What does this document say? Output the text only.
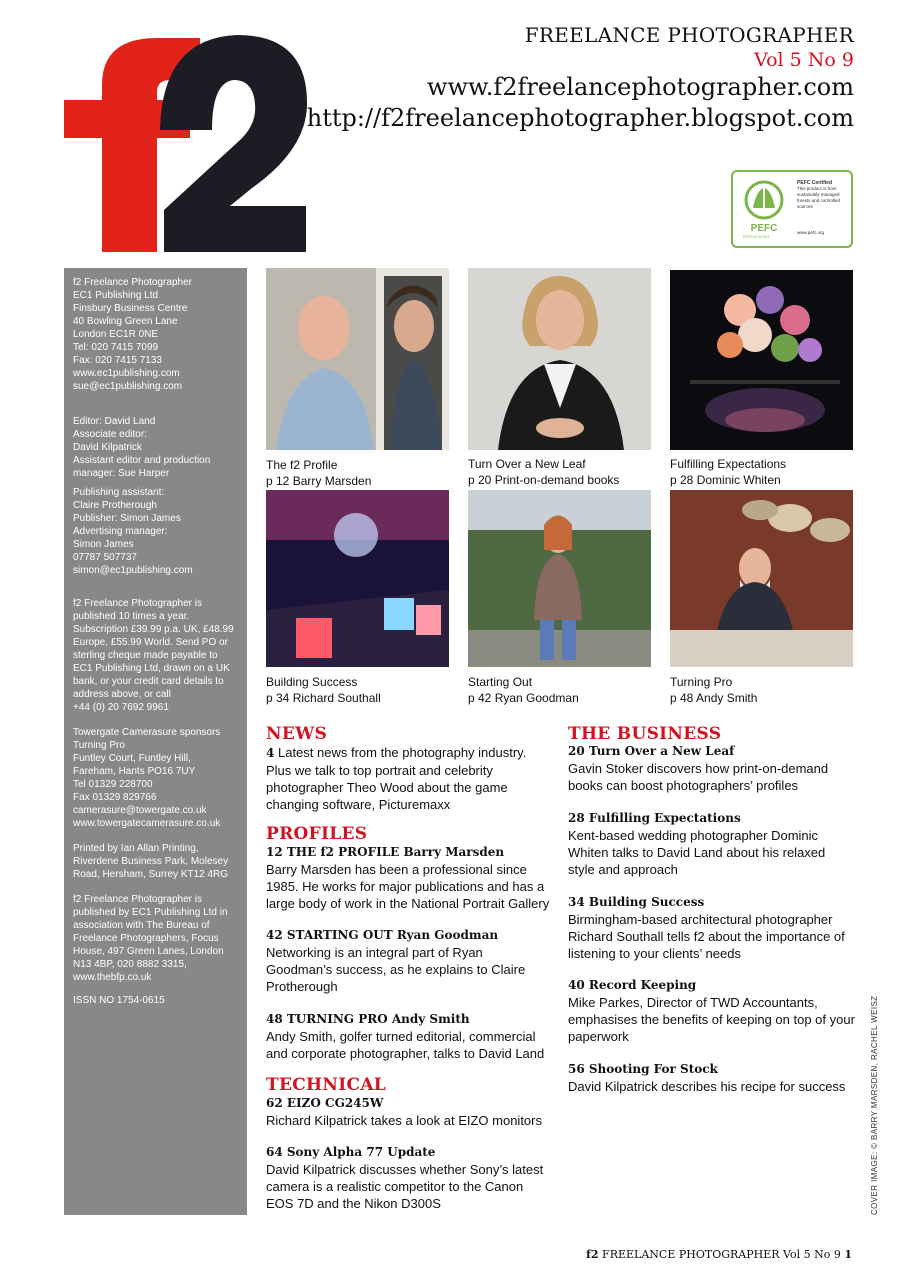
f2	FREELANCE PHOTOGRAPHER
Vol 5 No 9
www.f2freelancephotographer.com
http://f2freelancephotographer.blogspot.com
PEFC
PEFC Certified
This product is from sustainably managed forests and controlled sources
www.pefc.org
PEFC/16-33-601
f2 Freelance Photographer
EC1 Publishing Ltd
Finsbury Business Centre
40 Bowling Green Lane
London EC1R 0NE
Tel: 020 7415 7099
Fax: 020 7415 7133
www.ec1publishing.com
sue@ec1publishing.com
Editor: David Land
Associate editor:
David Kilpatrick
Assistant editor and production
manager: Sue Harper
Publishing assistant:
Claire Protherough
Publisher: Simon James
Advertising manager:
Simon James
07787 507737
simon@ec1publishing.com
f2 Freelance Photographer is
published 10 times a year.
Subscription £39.99 p.a. UK, £48.99
Europe, £55.99 World. Send PO or
sterling cheque made payable to
EC1 Publishing Ltd, drawn on a UK
bank, or your credit card details to
address above, or call
+44 (0) 20 7692 9961
Towergate Camerasure sponsors
Turning Pro
Funtley Court, Funtley Hill,
Fareham, Hants PO16 7UY
Tel 01329 228700
Fax 01329 829766
camerasure@towergate.co.uk
www.towergatecamerasure.co.uk
Printed by Ian Allan Printing,
Riverdene Business Park, Molesey
Road, Hersham, Surrey KT12 4RG
f2 Freelance Photographer is
published by EC1 Publishing Ltd in
association with The Bureau of
Freelance Photographers, Focus
House, 497 Green Lanes, London
N13 4BP, 020 8882 3315,
www.thebfp.co.uk
ISSN NO 1754-0615
The f2 Profile
p 12 Barry Marsden
Turn Over a New Leaf
p 20 Print-on-demand books
Fulfilling Expectations
p 28 Dominic Whiten
Building Success
p 34 Richard Southall
Starting Out
p 42 Ryan Goodman
Turning Pro
p 48 Andy Smith
NEWS
4 Latest news from the photography industry.
Plus we talk to top portrait and celebrity
photographer Theo Wood about the game
changing software, Picturemaxx
PROFILES
12 THE f2 PROFILE Barry Marsden
Barry Marsden has been a professional since
1985. He works for major publications and has a
large body of work in the National Portrait Gallery
42 STARTING OUT Ryan Goodman
Networking is an integral part of Ryan
Goodman’s success, as he explains to Claire
Protherough
48 TURNING PRO Andy Smith
Andy Smith, golfer turned editorial, commercial
and corporate photographer, talks to David Land
TECHNICAL
62 EIZO CG245W
Richard Kilpatrick takes a look at EIZO monitors
64 Sony Alpha 77 Update
David Kilpatrick discusses whether Sony’s latest
camera is a realistic competitor to the Canon
EOS 7D and the Nikon D300S
THE BUSINESS
20 Turn Over a New Leaf
Gavin Stoker discovers how print-on-demand
books can boost photographers’ profiles
28 Fulfilling Expectations
Kent-based wedding photographer Dominic
Whiten talks to David Land about his relaxed
style and approach
34 Building Success
Birmingham-based architectural photographer
Richard Southall tells f2 about the importance of
listening to your clients’ needs
40 Record Keeping
Mike Parkes, Director of TWD Accountants,
emphasises the benefits of keeping on top of your
paperwork
56 Shooting For Stock
David Kilpatrick describes his recipe for success	COVER IMAGE: © BARRY MARSDEN, RACHEL WEISZ
f2 FREELANCE PHOTOGRAPHER Vol 5 No 9 1
